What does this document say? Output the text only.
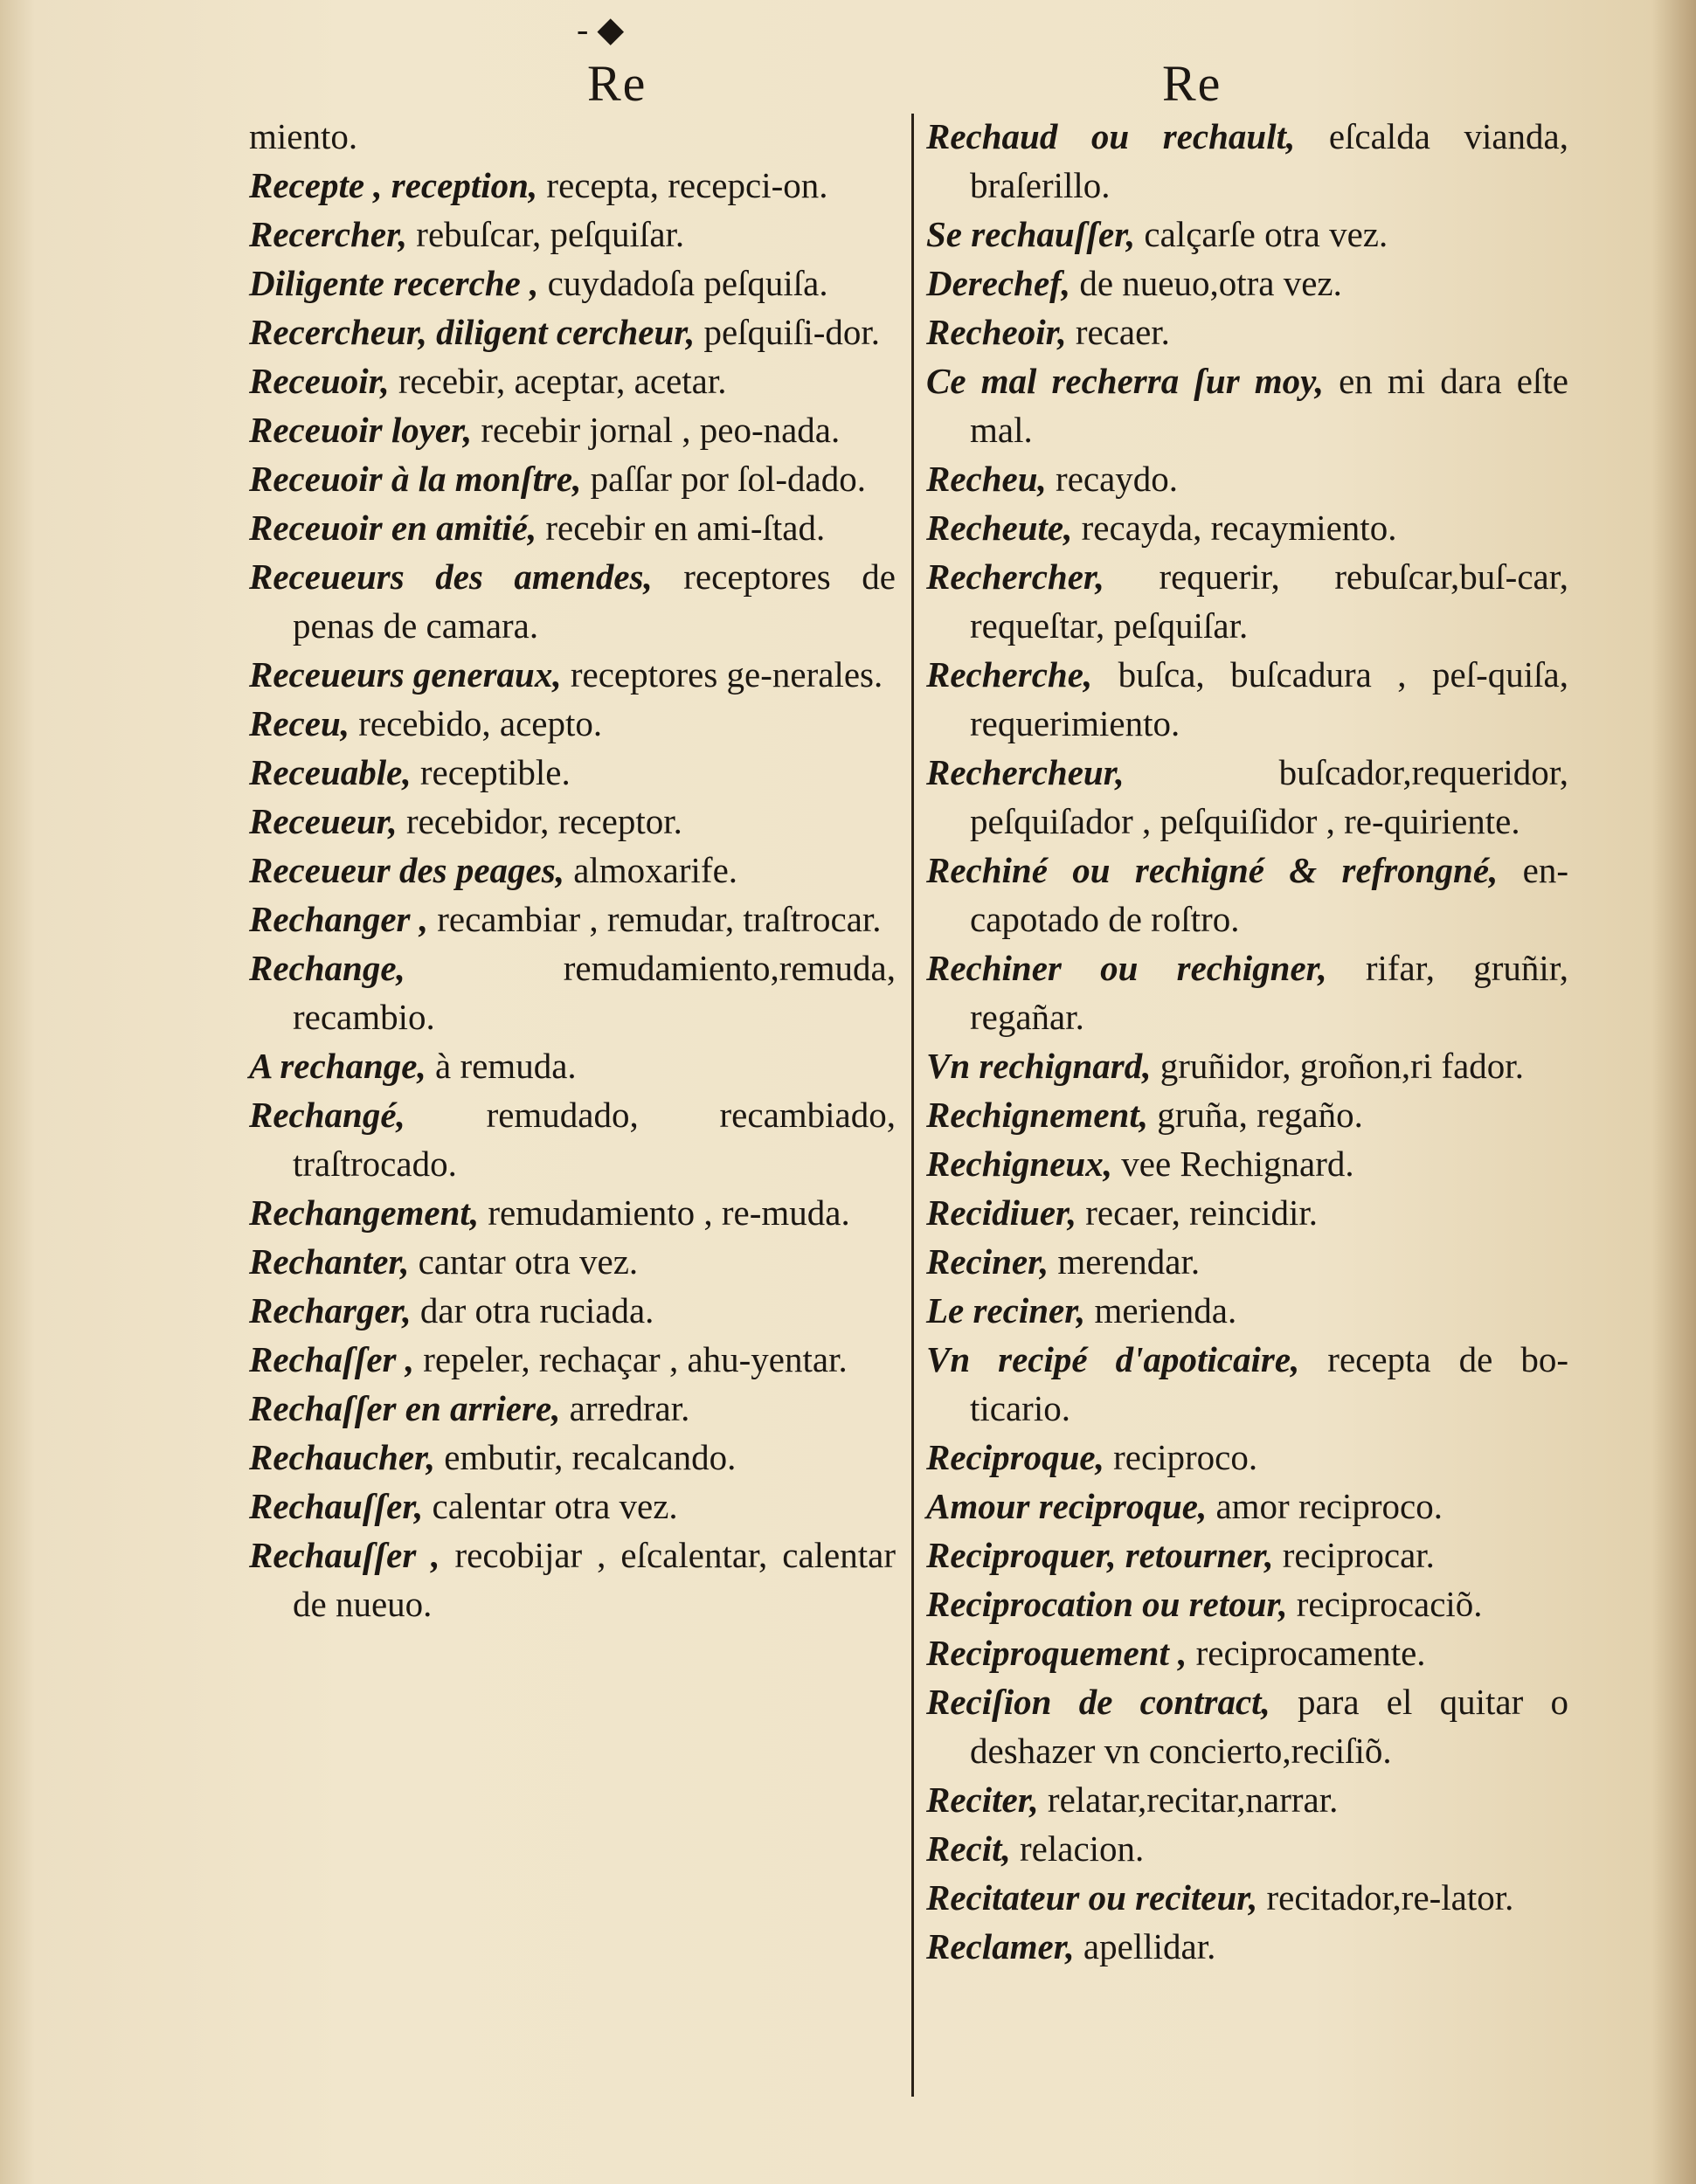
- ◆
Re	Re

miento.

Recepte , reception, recepta, recepci-on.

Recercher, rebuſcar, peſquiſar.

Diligente recerche , cuydadoſa peſquiſa.

Recercheur, diligent cercheur, peſquiſi-dor.

Receuoir, recebir, aceptar, acetar.

Receuoir loyer, recebir jornal , peo-nada.

Receuoir à la monſtre, paſſar por ſol-dado.

Receuoir en amitié, recebir en ami-ſtad.

Receueurs des amendes, receptores de penas de camara.

Receueurs generaux, receptores ge-nerales.

Receu, recebido, acepto.

Receuable, receptible.

Receueur, recebidor, receptor.

Receueur des peages, almoxarife.

Rechanger , recambiar , remudar, traſtrocar.

Rechange, remudamiento,remuda, recambio.

A rechange, à remuda.

Rechangé, remudado, recambiado, traſtrocado.

Rechangement, remudamiento , re-muda.

Rechanter, cantar otra vez.

Recharger, dar otra ruciada.

Rechaſſer , repeler, rechaçar , ahu-yentar.

Rechaſſer en arriere, arredrar.

Rechaucher, embutir, recalcando.

Rechauſſer, calentar otra vez.

Rechauſſer , recobijar , eſcalentar, calentar de nueuo.

Rechaud ou rechault, eſcalda vianda, braſerillo.

Se rechauſſer, calçarſe otra vez.

Derechef, de nueuo,otra vez.

Recheoir, recaer.

Ce mal recherra ſur moy, en mi dara eſte mal.

Recheu, recaydo.

Recheute, recayda, recaymiento.

Rechercher, requerir, rebuſcar,buſ-car, requeſtar, peſquiſar.

Recherche, buſca, buſcadura , peſ-quiſa, requerimiento.

Rechercheur, buſcador,requeridor, peſquiſador , peſquiſidor , re-quiriente.

Rechiné ou rechigné & refrongné, en-capotado de roſtro.

Rechiner ou rechigner, rifar, gruñir, regañar.

Vn rechignard, gruñidor, groñon,ri fador.

Rechignement, gruña, regaño.

Rechigneux, vee Rechignard.

Recidiuer, recaer, reincidir.

Reciner, merendar.

Le reciner, merienda.

Vn recipé d'apoticaire, recepta de bo-ticario.

Reciproque, reciproco.

Amour reciproque, amor reciproco.

Reciproquer, retourner, reciprocar.

Reciprocation ou retour, reciprocaciõ.

Reciproquement , reciprocamente.

Reciſion de contract, para el quitar o deshazer vn concierto,reciſiõ.

Reciter, relatar,recitar,narrar.

Recit, relacion.

Recitateur ou reciteur, recitador,re-lator.

Reclamer, apellidar.
